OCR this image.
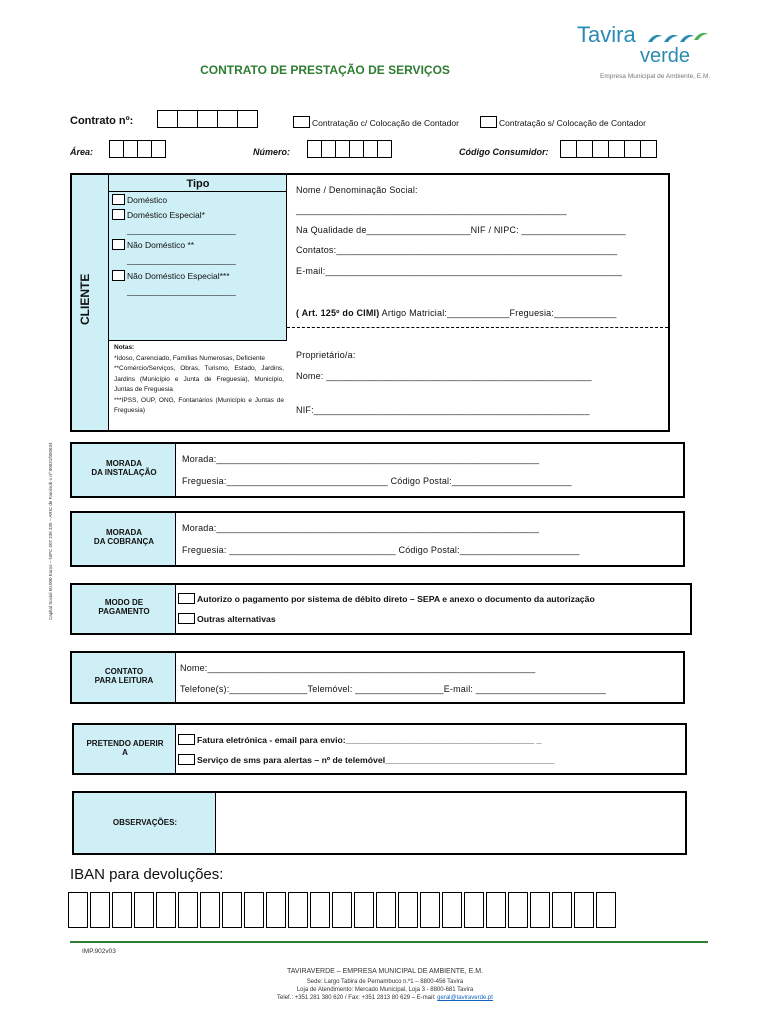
Tavira
verde
Empresa Municipal de Ambiente, E.M.
CONTRATO DE PRESTAÇÃO DE SERVIÇOS
Contrato nº:	Contratação c/ Colocação de Contador	Contratação s/ Colocação de Contador
Área:	Número:	Código Consumidor:
Capital Social 50.000 Euros – NIPC 507 236 335 – ARIC de Faro/sob o nº 00031/050634
CLIENTE
Tipo
Doméstico
Doméstico Especial*
_______________________
Não Doméstico **
_______________________
Não Doméstico Especial***
_______________________
Notas:
*Idoso, Carenciado, Famílias Numerosas, Deficiente
**Comércio/Serviços, Obras, Turismo, Estado, Jardins, Jardins (Município e Junta de Freguesia), Município, Juntas de Freguesia
***IPSS, OUP, ONG, Fontanários (Município e Juntas de Freguesia)
Nome / Denominação Social:
____________________________________________________
Na Qualidade de____________________NIF / NIPC: ____________________
Contatos:______________________________________________________
E-mail:_________________________________________________________
( Art. 125º do CIMI) Artigo Matricial:____________Freguesia:____________
Proprietário/a:
Nome: ___________________________________________________
NIF:_____________________________________________________
MORADA
DA INSTALAÇÃO
Morada:______________________________________________________________
Freguesia:_______________________________ Código Postal:_______________________
MORADA
DA COBRANÇA
Morada:______________________________________________________________
Freguesia: ________________________________ Código Postal:_______________________
MODO DE
PAGAMENTO
Autorizo o pagamento por sistema de débito direto – SEPA e anexo o documento da autorização
Outras alternativas
CONTATO
PARA LEITURA
Nome:_______________________________________________________________
Telefone(s):_______________Telemóvel: _________________E-mail: _________________________
PRETENDO ADERIR
A
Fatura eletrónica - email para envio:_______________________________________ _
Serviço de sms para alertas – nº de telemóvel___________________________________
OBSERVAÇÕES:
IBAN para devoluções:
IMP.902v03
TAVIRAVERDE – EMPRESA MUNICIPAL DE AMBIENTE, E.M.
Sede: Largo Tabira de Pernambuco n.º1 – 8800-456 Tavira
Loja de Atendimento: Mercado Municipal, Loja 3 - 8800-681 Tavira
Telef.: +351 281 380 620 / Fax: +351 2813 80 629 – E-mail: geral@taviraverde.pt
